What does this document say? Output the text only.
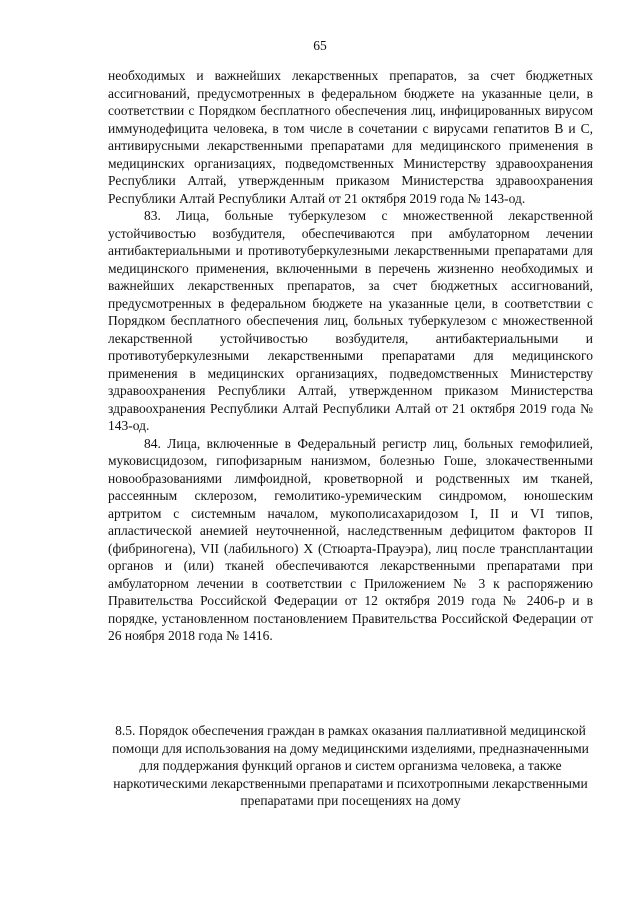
65

необходимых и важнейших лекарственных препаратов, за счет бюджетных ассигнований, предусмотренных в федеральном бюджете на указанные цели, в соответствии с Порядком бесплатного обеспечения лиц, инфицированных вирусом иммунодефицита человека, в том числе в сочетании с вирусами гепатитов B и C, антивирусными лекарственными препаратами для медицинского применения в медицинских организациях, подведомственных Министерству здравоохранения Республики Алтай, утвержденным приказом Министерства здравоохранения Республики Алтай Республики Алтай от 21 октября 2019 года № 143-од.

83. Лица, больные туберкулезом с множественной лекарственной устойчивостью возбудителя, обеспечиваются при амбулаторном лечении антибактериальными и противотуберкулезными лекарственными препаратами для медицинского применения, включенными в перечень жизненно необходимых и важнейших лекарственных препаратов, за счет бюджетных ассигнований, предусмотренных в федеральном бюджете на указанные цели, в соответствии с Порядком бесплатного обеспечения лиц, больных туберкулезом с множественной лекарственной устойчивостью возбудителя, антибактериальными и противотуберкулезными лекарственными препаратами для медицинского применения в медицинских организациях, подведомственных Министерству здравоохранения Республики Алтай, утвержденном приказом Министерства здравоохранения Республики Алтай Республики Алтай от 21 октября 2019 года № 143-од.

84. Лица, включенные в Федеральный регистр лиц, больных гемофилией, муковисцидозом, гипофизарным нанизмом, болезнью Гоше, злокачественными новообразованиями лимфоидной, кроветворной и родственных им тканей, рассеянным склерозом, гемолитико-уремическим синдромом, юношеским артритом с системным началом, мукополисахаридозом I, II и VI типов, апластической анемией неуточненной, наследственным дефицитом факторов II (фибриногена), VII (лабильного) X (Стюарта-Прауэра), лиц после трансплантации органов и (или) тканей обеспечиваются лекарственными препаратами при амбулаторном лечении в соответствии с Приложением № 3 к распоряжению Правительства Российской Федерации от 12 октября 2019 года № 2406-р и в порядке, установленном постановлением Правительства Российской Федерации от 26 ноября 2018 года № 1416.

8.5. Порядок обеспечения граждан в рамках оказания паллиативной медицинской помощи для использования на дому медицинскими изделиями, предназначенными для поддержания функций органов и систем организма человека, а также наркотическими лекарственными препаратами и психотропными лекарственными препаратами при посещениях на дому
